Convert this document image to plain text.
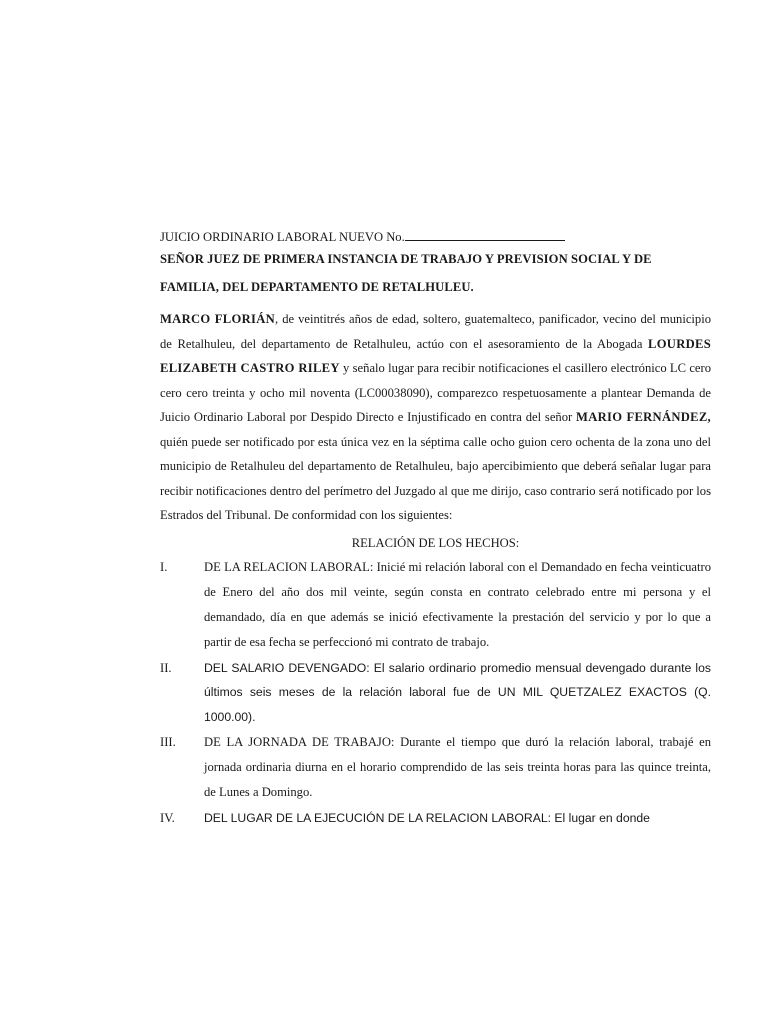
JUICIO ORDINARIO LABORAL NUEVO No.

SEÑOR JUEZ DE PRIMERA INSTANCIA DE TRABAJO Y PREVISION SOCIAL Y DE

FAMILIA, DEL DEPARTAMENTO DE RETALHULEU.

MARCO FLORIÁN, de veintitrés años de edad, soltero, guatemalteco, panificador, vecino del municipio de Retalhuleu, del departamento de Retalhuleu, actúo con el asesoramiento de la Abogada LOURDES ELIZABETH CASTRO RILEY y señalo lugar para recibir notificaciones el casillero electrónico LC cero cero cero treinta y ocho mil noventa (LC00038090), comparezco respetuosamente a plantear Demanda de Juicio Ordinario Laboral por Despido Directo e Injustificado en contra del señor MARIO FERNÁNDEZ, quién puede ser notificado por esta única vez en la séptima calle ocho guion cero ochenta de la zona uno del municipio de Retalhuleu del departamento de Retalhuleu, bajo apercibimiento que deberá señalar lugar para recibir notificaciones dentro del perímetro del Juzgado al que me dirijo, caso contrario será notificado por los Estrados del Tribunal. De conformidad con los siguientes:

RELACIÓN DE LOS HECHOS:

I.	DE LA RELACION LABORAL: Inicié mi relación laboral con el Demandado en fecha veinticuatro de Enero del año dos mil veinte, según consta en contrato celebrado entre mi persona y el demandado, día en que además se inició efectivamente la prestación del servicio y por lo que a partir de esa fecha se perfeccionó mi contrato de trabajo.
II.	DEL SALARIO DEVENGADO: El salario ordinario promedio mensual devengado durante los últimos seis meses de la relación laboral fue de UN MIL QUETZALEZ EXACTOS (Q. 1000.00).
III. DE LA JORNADA DE TRABAJO: Durante el tiempo que duró la relación laboral, trabajé en jornada ordinaria diurna en el horario comprendido de las seis treinta horas para las quince treinta, de Lunes a Domingo.
IV. DEL LUGAR DE LA EJECUCIÓN DE LA RELACION LABORAL: El lugar en donde
